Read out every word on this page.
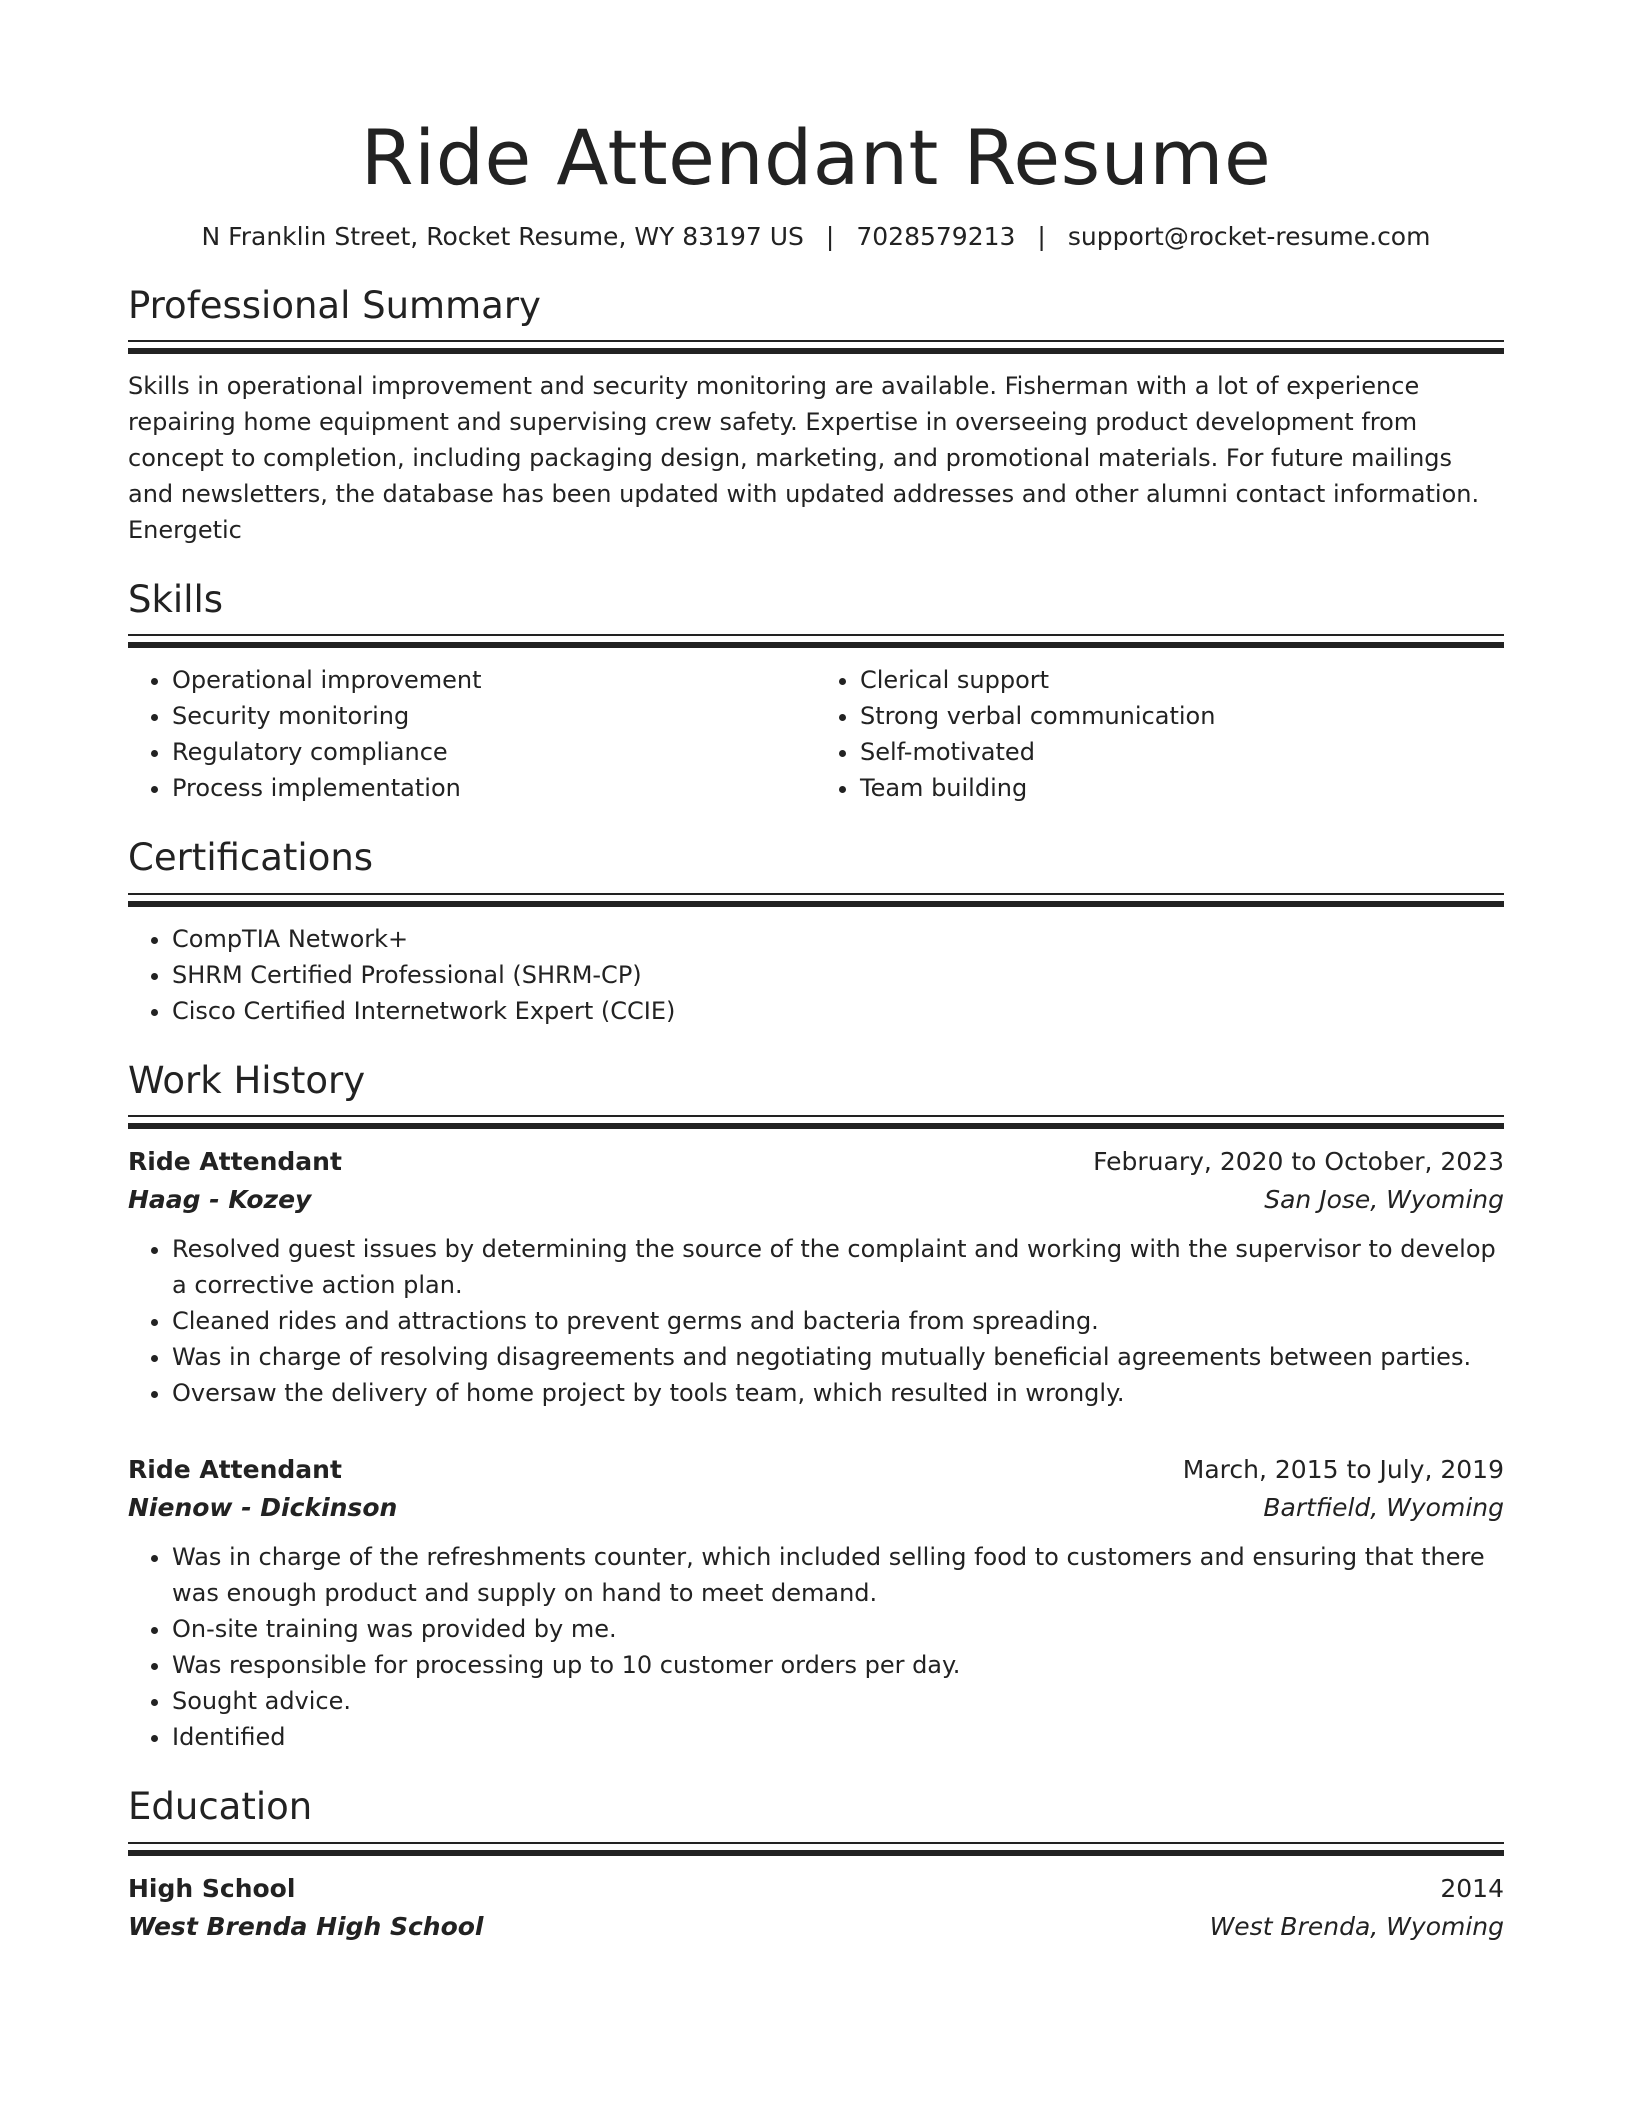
Ride Attendant Resume
N Franklin Street, Rocket Resume, WY 83197 US | 7028579213 | support@rocket-resume.com
Professional Summary

Skills in operational improvement and security monitoring are available. Fisherman with a lot of experience repairing home equipment and supervising crew safety. Expertise in overseeing product development from concept to completion, including packaging design, marketing, and promotional materials. For future mailings and newsletters, the database has been updated with updated addresses and other alumni contact information. Energetic

Skills
• Operational improvement
• Security monitoring
• Regulatory compliance
• Process implementation
• Clerical support
• Strong verbal communication
• Self-motivated
• Team building
Certifications
• CompTIA Network+
• SHRM Certified Professional (SHRM-CP)
• Cisco Certified Internetwork Expert (CCIE)
Work History
Ride Attendant	February, 2020 to October, 2023
Haag - Kozey	San Jose, Wyoming
• Resolved guest issues by determining the source of the complaint and working with the supervisor to develop a corrective action plan.
• Cleaned rides and attractions to prevent germs and bacteria from spreading.
• Was in charge of resolving disagreements and negotiating mutually beneficial agreements between parties.
• Oversaw the delivery of home project by tools team, which resulted in wrongly.
Ride Attendant	March, 2015 to July, 2019
Nienow - Dickinson	Bartfield, Wyoming
• Was in charge of the refreshments counter, which included selling food to customers and ensuring that there was enough product and supply on hand to meet demand.
• On-site training was provided by me.
• Was responsible for processing up to 10 customer orders per day.
• Sought advice.
• Identified
Education
High School	2014
West Brenda High School	West Brenda, Wyoming
